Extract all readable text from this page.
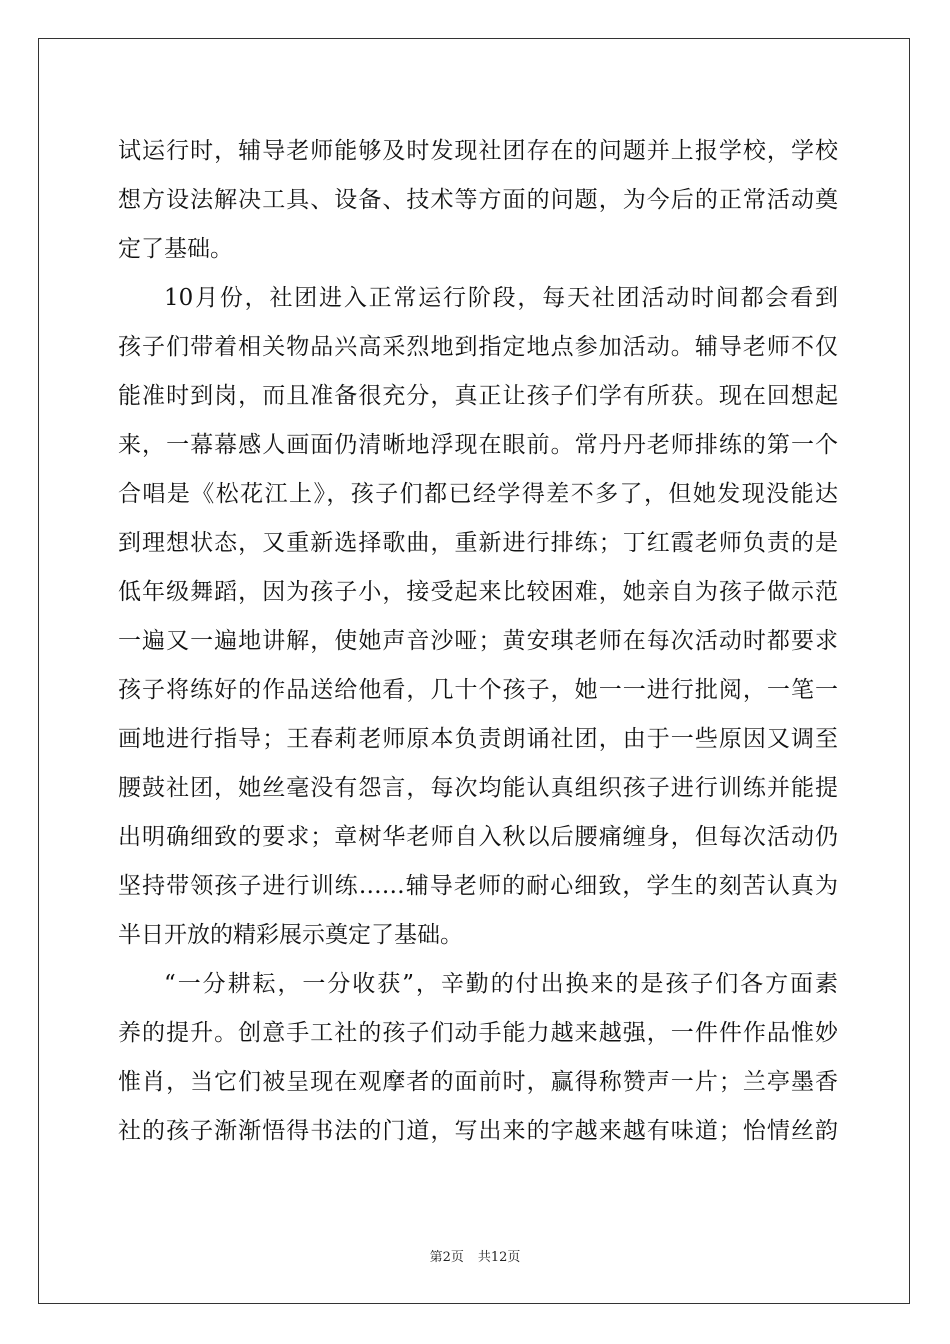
试运行时，辅导老师能够及时发现社团存在的问题并上报学校，学校
想方设法解决工具、设备、技术等方面的问题，为今后的正常活动奠
定了基础。
10月份，社团进入正常运行阶段，每天社团活动时间都会看到
孩子们带着相关物品兴高采烈地到指定地点参加活动。辅导老师不仅
能准时到岗，而且准备很充分，真正让孩子们学有所获。现在回想起
来，一幕幕感人画面仍清晰地浮现在眼前。常丹丹老师排练的第一个
合唱是《松花江上》，孩子们都已经学得差不多了，但她发现没能达
到理想状态，又重新选择歌曲，重新进行排练；丁红霞老师负责的是
低年级舞蹈，因为孩子小，接受起来比较困难，她亲自为孩子做示范
一遍又一遍地讲解，使她声音沙哑；黄安琪老师在每次活动时都要求
孩子将练好的作品送给他看，几十个孩子，她一一进行批阅，一笔一
画地进行指导；王春莉老师原本负责朗诵社团，由于一些原因又调至
腰鼓社团，她丝毫没有怨言，每次均能认真组织孩子进行训练并能提
出明确细致的要求；章树华老师自入秋以后腰痛缠身，但每次活动仍
坚持带领孩子进行训练……辅导老师的耐心细致，学生的刻苦认真为
半日开放的精彩展示奠定了基础。
“一分耕耘，一分收获”，辛勤的付出换来的是孩子们各方面素
养的提升。创意手工社的孩子们动手能力越来越强，一件件作品惟妙
惟肖，当它们被呈现在观摩者的面前时，赢得称赞声一片；兰亭墨香
社的孩子渐渐悟得书法的门道，写出来的字越来越有味道；怡情丝韵
第2页 共12页
